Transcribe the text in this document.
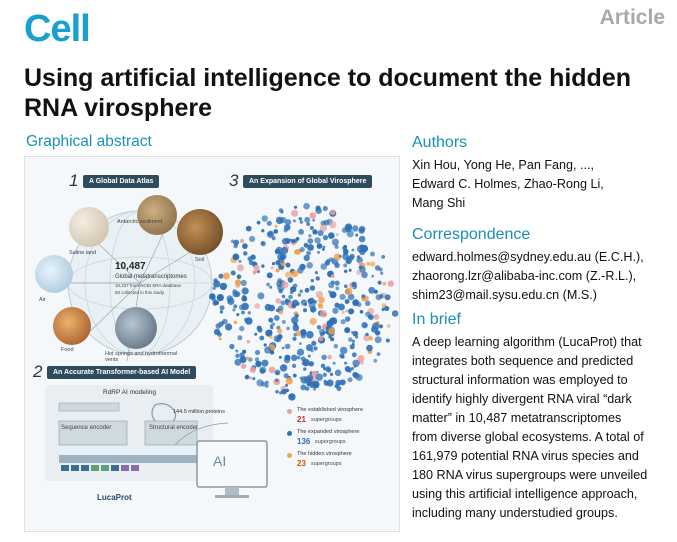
Cell	Article
Using artificial intelligence to document the hidden RNA virosphere
Graphical abstract
1	A Global Data Atlas
Saline land
Antarctic sediment
Soil
Air
Food
Hot springs and hydrothermal vents
10,487
Global metatranscriptomes
10,437 from NCBI SRA database
50 collected in this study
2	An Accurate Transformer-based AI Model
RdRP AI modeling
Sequence encoder	Structural encoder
LucaProt
144.5 million proteins
AI
3	An Expansion of Global Virosphere
The established virosphere
21 supergroups
The expanded virosphere
136 supergroups
The hidden virosphere
23 supergroups
Authors
Xin Hou, Yong He, Pan Fang, ...,
Edward C. Holmes, Zhao-Rong Li,
Mang Shi
Correspondence
edward.holmes@sydney.edu.au (E.C.H.),
zhaorong.lzr@alibaba-inc.com (Z.-R.L.),
shim23@mail.sysu.edu.cn (M.S.)
In brief
A deep learning algorithm (LucaProt) that
integrates both sequence and predicted
structural information was employed to
identify highly divergent RNA viral “dark
matter” in 10,487 metatranscriptomes
from diverse global ecosystems. A total of
161,979 potential RNA virus species and
180 RNA virus supergroups were unveiled
using this artificial intelligence approach,
including many understudied groups.
